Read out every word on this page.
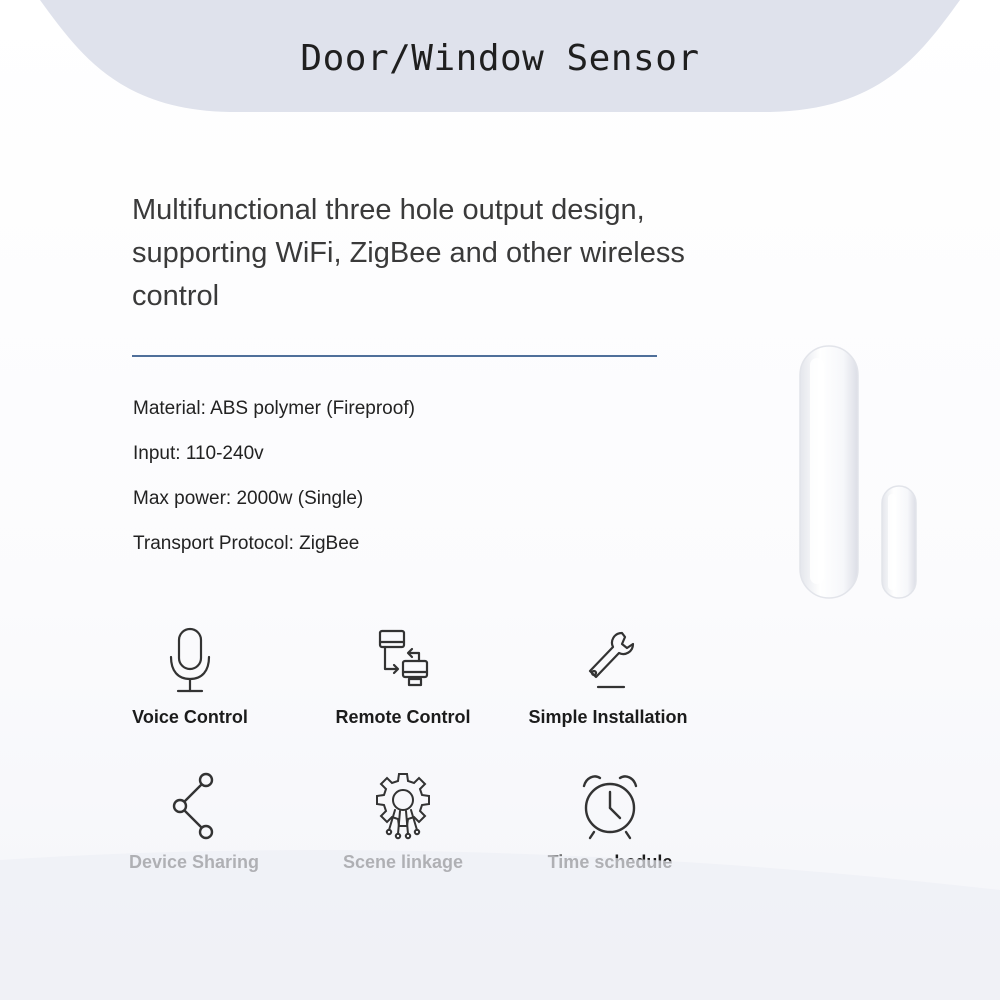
Door/Window Sensor

Multifunctional three hole output design, supporting WiFi, ZigBee and other wireless control

Material: ABS polymer (Fireproof)
Input: 110-240v
Max power: 2000w (Single)
Transport Protocol: ZigBee
Voice Control	Remote Control	Simple Installation
